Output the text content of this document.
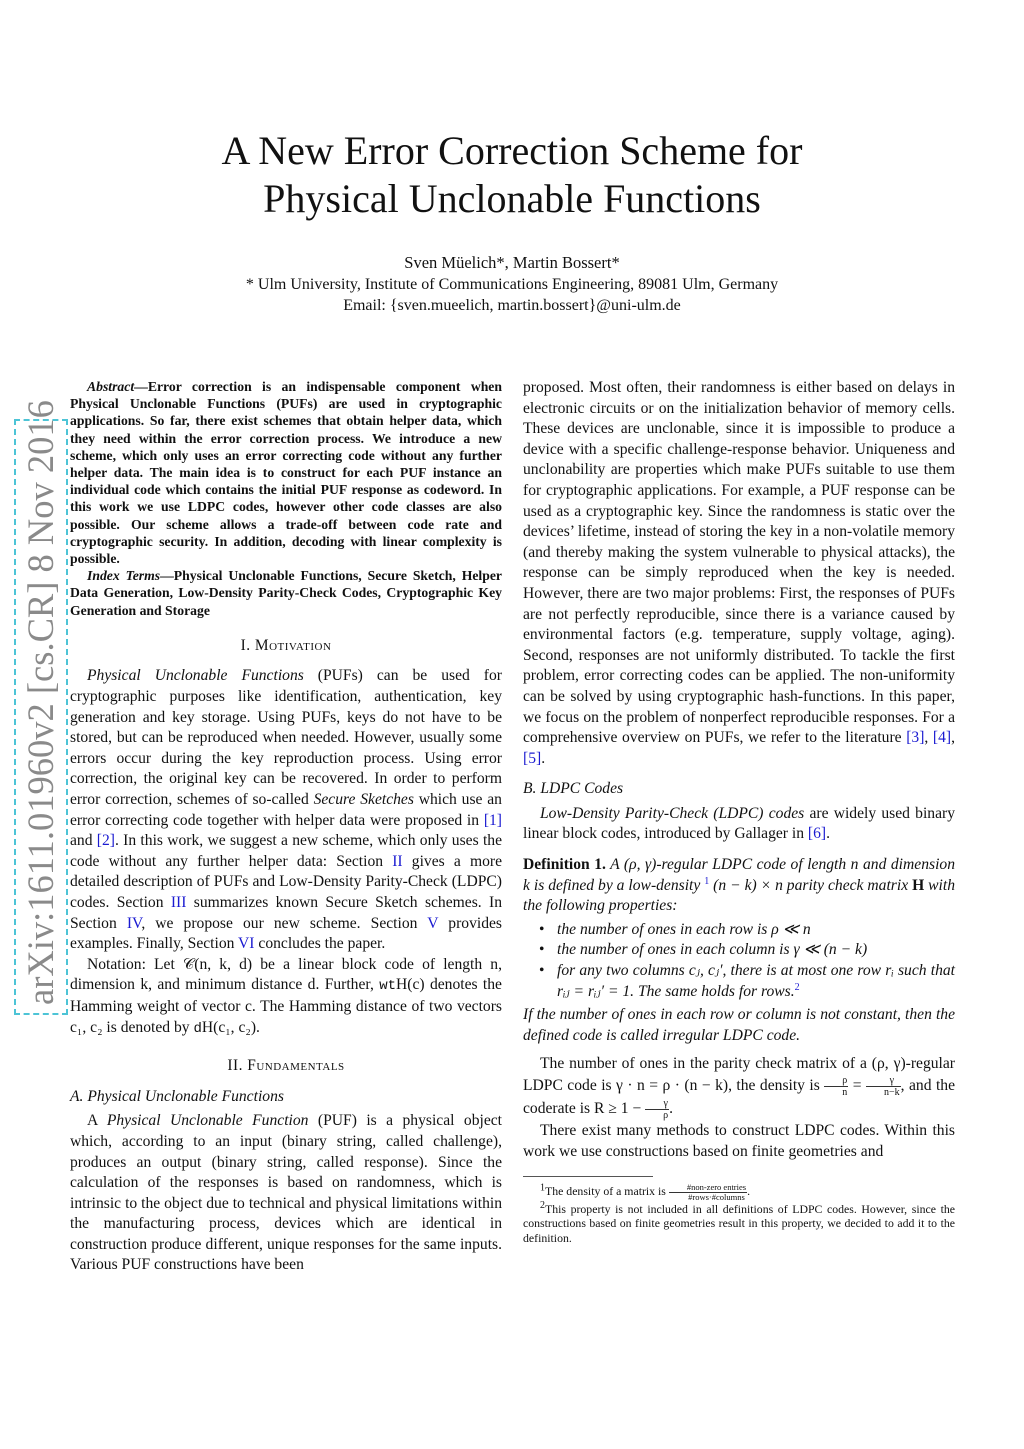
arXiv:1611.01960v2 [cs.CR] 8 Nov 2016
A New Error Correction Scheme for
Physical Unclonable Functions
Sven Müelich*, Martin Bossert*
* Ulm University, Institute of Communications Engineering, 89081 Ulm, Germany
Email: {sven.mueelich, martin.bossert}@uni-ulm.de

Abstract—Error correction is an indispensable component when Physical Unclonable Functions (PUFs) are used in cryptographic applications. So far, there exist schemes that obtain helper data, which they need within the error correction process. We introduce a new scheme, which only uses an error correcting code without any further helper data. The main idea is to construct for each PUF instance an individual code which contains the initial PUF response as codeword. In this work we use LDPC codes, however other code classes are also possible. Our scheme allows a trade-off between code rate and cryptographic security. In addition, decoding with linear complexity is possible.

Index Terms—Physical Unclonable Functions, Secure Sketch, Helper Data Generation, Low-Density Parity-Check Codes, Cryptographic Key Generation and Storage

I. Motivation

Physical Unclonable Functions (PUFs) can be used for cryptographic purposes like identification, authentication, key generation and key storage. Using PUFs, keys do not have to be stored, but can be reproduced when needed. However, usually some errors occur during the key reproduction process. Using error correction, the original key can be recovered. In order to perform error correction, schemes of so-called Secure Sketches which use an error correcting code together with helper data were proposed in [1] and [2]. In this work, we suggest a new scheme, which only uses the code without any further helper data: Section II gives a more detailed description of PUFs and Low-Density Parity-Check (LDPC) codes. Section III summarizes known Secure Sketch schemes. In Section IV, we propose our new scheme. Section V provides examples. Finally, Section VI concludes the paper.

Notation: Let 𝒞(n, k, d) be a linear block code of length n, dimension k, and minimum distance d. Further, wtH(c) denotes the Hamming weight of vector c. The Hamming distance of two vectors c₁, c₂ is denoted by dH(c₁, c₂).

II. Fundamentals
A. Physical Unclonable Functions

A Physical Unclonable Function (PUF) is a physical object which, according to an input (binary string, called challenge), produces an output (binary string, called response). Since the calculation of the responses is based on randomness, which is intrinsic to the object due to technical and physical limitations within the manufacturing process, devices which are identical in construction produce different, unique responses for the same inputs. Various PUF constructions have been

proposed. Most often, their randomness is either based on delays in electronic circuits or on the initialization behavior of memory cells. These devices are unclonable, since it is impossible to produce a device with a specific challenge-response behavior. Uniqueness and unclonability are properties which make PUFs suitable to use them for cryptographic applications. For example, a PUF response can be used as a cryptographic key. Since the randomness is static over the devices’ lifetime, instead of storing the key in a non-volatile memory (and thereby making the system vulnerable to physical attacks), the response can be simply reproduced when the key is needed. However, there are two major problems: First, the responses of PUFs are not perfectly reproducible, since there is a variance caused by environmental factors (e.g. temperature, supply voltage, aging). Second, responses are not uniformly distributed. To tackle the first problem, error correcting codes can be applied. The non-uniformity can be solved by using cryptographic hash-functions. In this paper, we focus on the problem of nonperfect reproducible responses. For a comprehensive overview on PUFs, we refer to the literature [3], [4], [5].

B. LDPC Codes

Low-Density Parity-Check (LDPC) codes are widely used binary linear block codes, introduced by Gallager in [6].

Definition 1. A (ρ, γ)-regular LDPC code of length n and dimension k is defined by a low-density $^1$ (n − k) × n parity check matrix H with the following properties:

• the number of ones in each row is ρ ≪ n
• the number of ones in each column is γ ≪ (n − k)
• for any two columns cⱼ, cⱼ′, there is at most one row rᵢ such that rᵢⱼ = rᵢⱼ′ = 1. The same holds for rows.$^2$

If the number of ones in each row or column is not constant, then the defined code is called irregular LDPC code.

The number of ones in the parity check matrix of a (ρ, γ)-regular LDPC code is γ · n = ρ · (n − k), the density is $\frac{\rho}{n} = \frac{\gamma}{n-k}$ , and the coderate is $R \ge 1 - \frac{\gamma}{\rho}$ .

There exist many methods to construct LDPC codes. Within this work we use constructions based on finite geometries and

$^1$The density of a matrix is $\frac{\text{\#non-zero entries}}{\text{\#rows·\#columns}}$ .

$^2$This property is not included in all definitions of LDPC codes. However, since the constructions based on finite geometries result in this property, we decided to add it to the definition.
